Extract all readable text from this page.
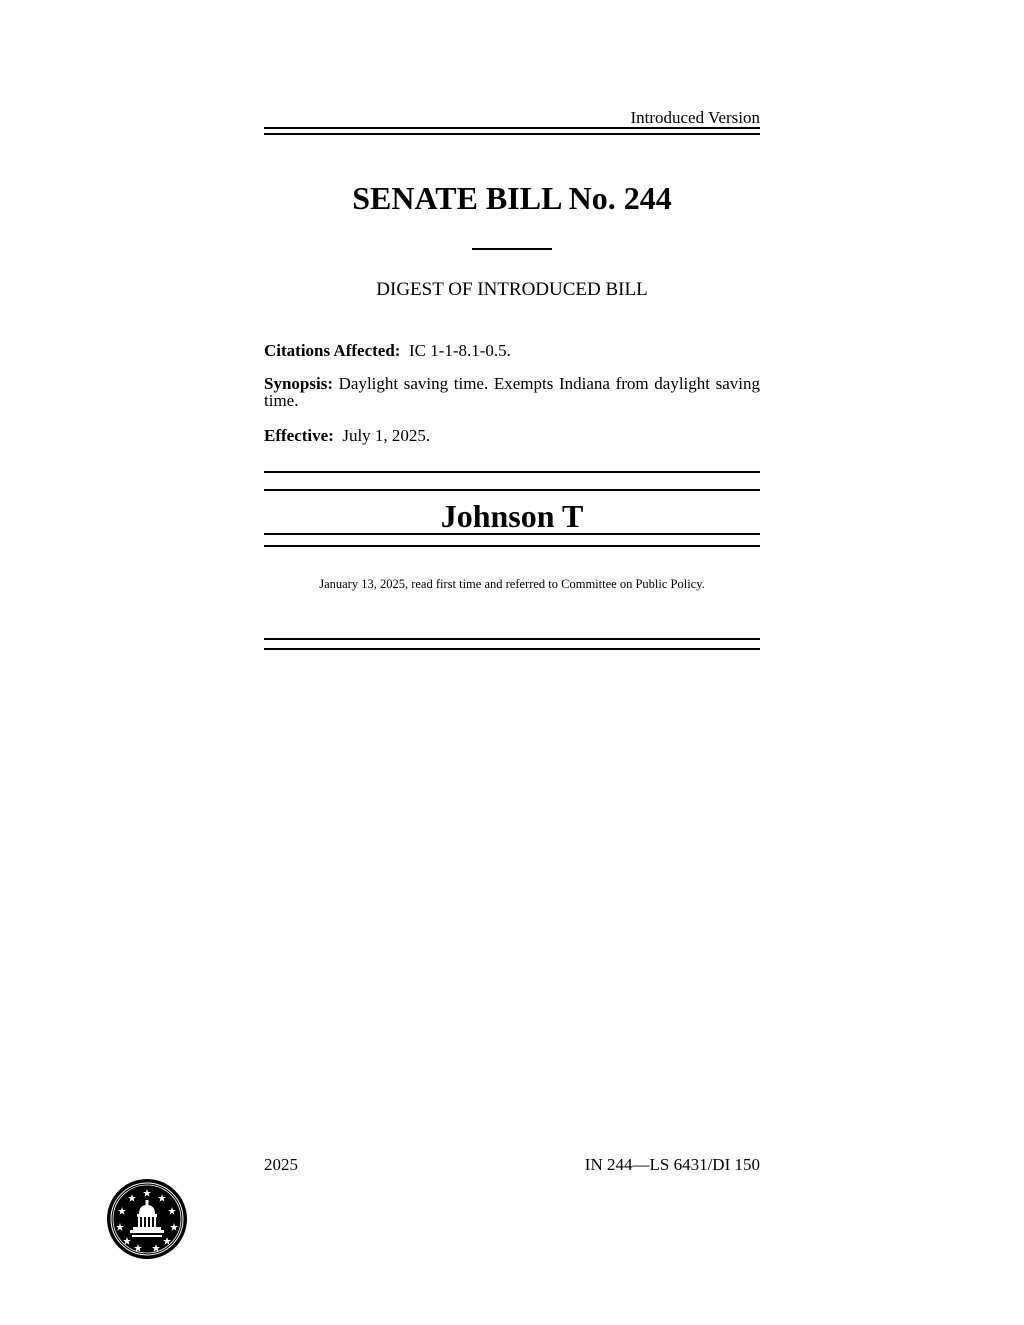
Introduced Version
SENATE BILL No. 244
DIGEST OF INTRODUCED BILL
Citations Affected: IC 1-1-8.1-0.5.
Synopsis: Daylight saving time. Exempts Indiana from daylight saving time.
Effective: July 1, 2025.
Johnson T
January 13, 2025, read first time and referred to Committee on Public Policy.
2025	IN 244—LS 6431/DI 150
